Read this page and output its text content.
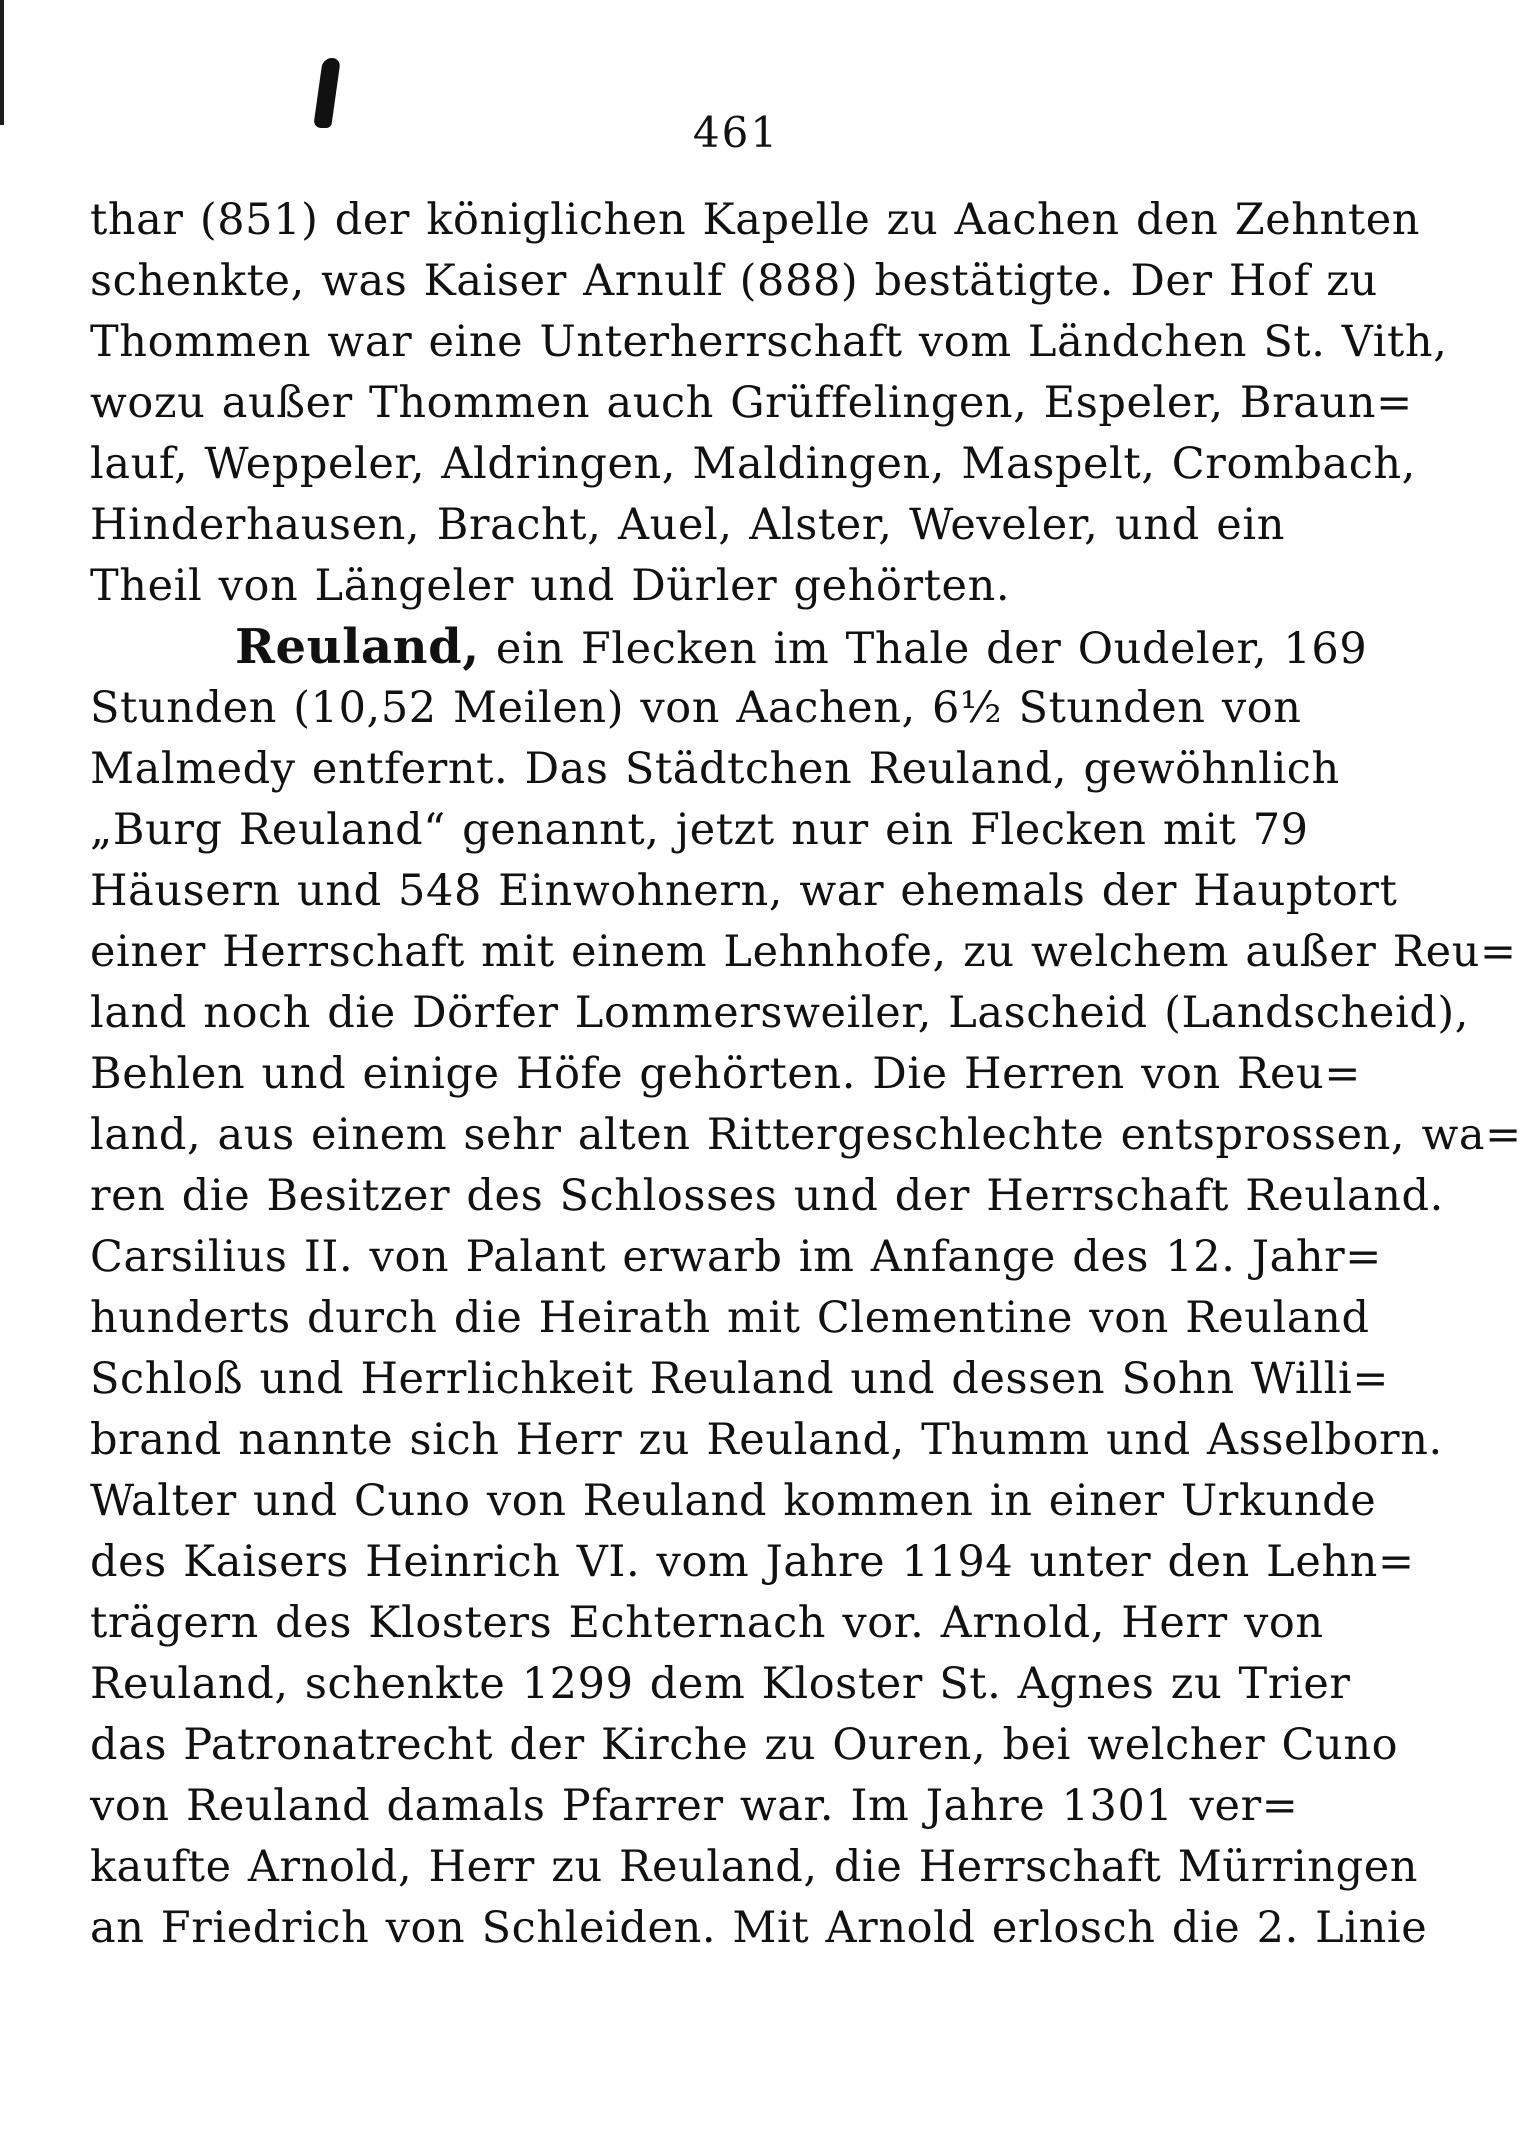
461
thar (851) der königlichen Kapelle zu Aachen den Zehnten
schenkte, was Kaiser Arnulf (888) bestätigte. Der Hof zu
Thommen war eine Unterherrschaft vom Ländchen St. Vith,
wozu außer Thommen auch Grüffelingen, Espeler, Braun=
lauf, Weppeler, Aldringen, Maldingen, Maspelt, Crombach,
Hinderhausen, Bracht, Auel, Alster, Weveler, und ein
Theil von Längeler und Dürler gehörten.
Reuland, ein Flecken im Thale der Oudeler, 169
Stunden (10,52 Meilen) von Aachen, 6½ Stunden von
Malmedy entfernt. Das Städtchen Reuland, gewöhnlich
„Burg Reuland“ genannt, jetzt nur ein Flecken mit 79
Häusern und 548 Einwohnern, war ehemals der Hauptort
einer Herrschaft mit einem Lehnhofe, zu welchem außer Reu=
land noch die Dörfer Lommersweiler, Lascheid (Landscheid),
Behlen und einige Höfe gehörten. Die Herren von Reu=
land, aus einem sehr alten Rittergeschlechte entsprossen, wa=
ren die Besitzer des Schlosses und der Herrschaft Reuland.
Carsilius II. von Palant erwarb im Anfange des 12. Jahr=
hunderts durch die Heirath mit Clementine von Reuland
Schloß und Herrlichkeit Reuland und dessen Sohn Willi=
brand nannte sich Herr zu Reuland, Thumm und Asselborn.
Walter und Cuno von Reuland kommen in einer Urkunde
des Kaisers Heinrich VI. vom Jahre 1194 unter den Lehn=
trägern des Klosters Echternach vor. Arnold, Herr von
Reuland, schenkte 1299 dem Kloster St. Agnes zu Trier
das Patronatrecht der Kirche zu Ouren, bei welcher Cuno
von Reuland damals Pfarrer war. Im Jahre 1301 ver=
kaufte Arnold, Herr zu Reuland, die Herrschaft Mürringen
an Friedrich von Schleiden. Mit Arnold erlosch die 2. Linie
